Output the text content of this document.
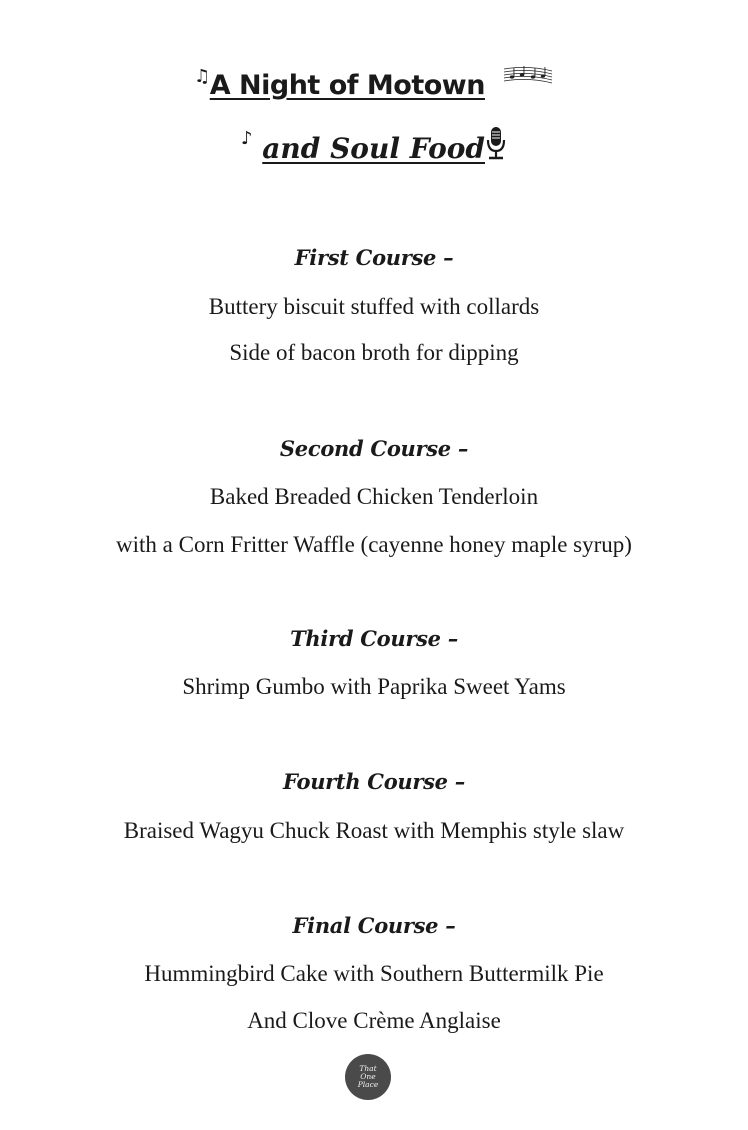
♫A Night of Motown
♪ and Soul Food
First Course –
Buttery biscuit stuffed with collards
Side of bacon broth for dipping
Second Course –
Baked Breaded Chicken Tenderloin
with a Corn Fritter Waffle (cayenne honey maple syrup)
Third Course –
Shrimp Gumbo with Paprika Sweet Yams
Fourth Course –
Braised Wagyu Chuck Roast with Memphis style slaw
Final Course –
Hummingbird Cake with Southern Buttermilk Pie
And Clove Crème Anglaise
That
One
Place
